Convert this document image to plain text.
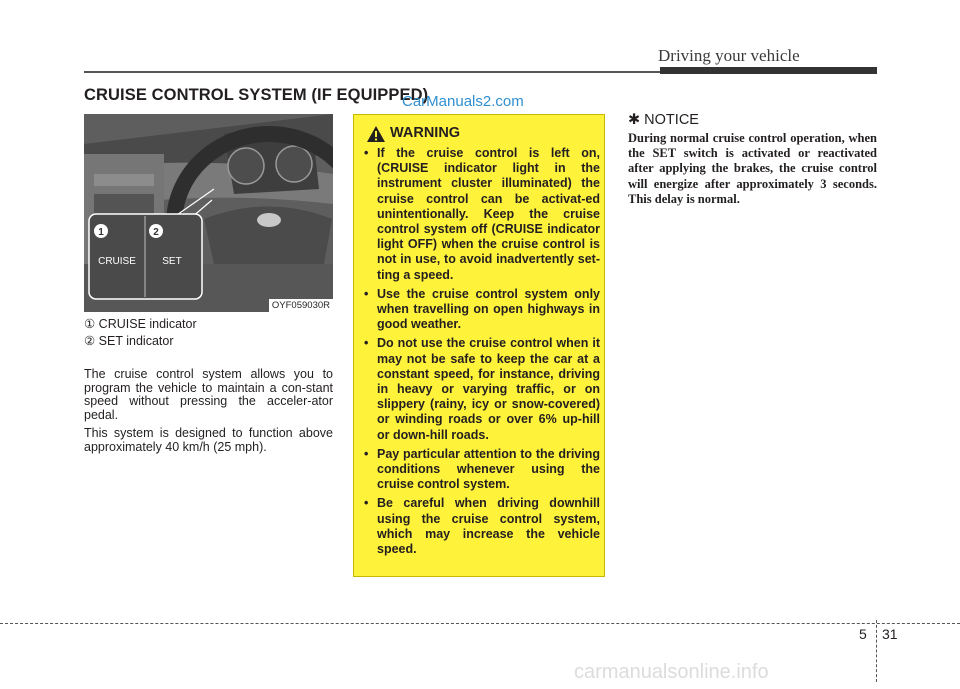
Driving your vehicle
CRUISE CONTROL SYSTEM (IF EQUIPPED)
CarManuals2.com
1	2
CRUISE	SET
OYF059030R
① CRUISE indicator
② SET indicator

The cruise control system allows you to program the vehicle to maintain a con-stant speed without pressing the acceler-ator pedal.

This system is designed to function above approximately 40 km/h (25 mph).

WARNING
• If the cruise control is left on, (CRUISE indicator light in the instrument cluster illuminated) the cruise control can be activat-ed unintentionally. Keep the cruise control system off (CRUISE indicator light OFF) when the cruise control is not in use, to avoid inadvertently set-ting a speed.
• Use the cruise control system only when travelling on open highways in good weather.
• Do not use the cruise control when it may not be safe to keep the car at a constant speed, for instance, driving in heavy or varying traffic, or on slippery (rainy, icy or snow-covered) or winding roads or over 6% up-hill or down-hill roads.
• Pay particular attention to the driving conditions whenever using the cruise control system.
• Be careful when driving downhill using the cruise control system, which may increase the vehicle speed.
✱ NOTICE
During normal cruise control operation, when the SET switch is activated or reactivated after applying the brakes, the cruise control will energize after approximately 3 seconds. This delay is normal.
5 31
carmanualsonline.info
